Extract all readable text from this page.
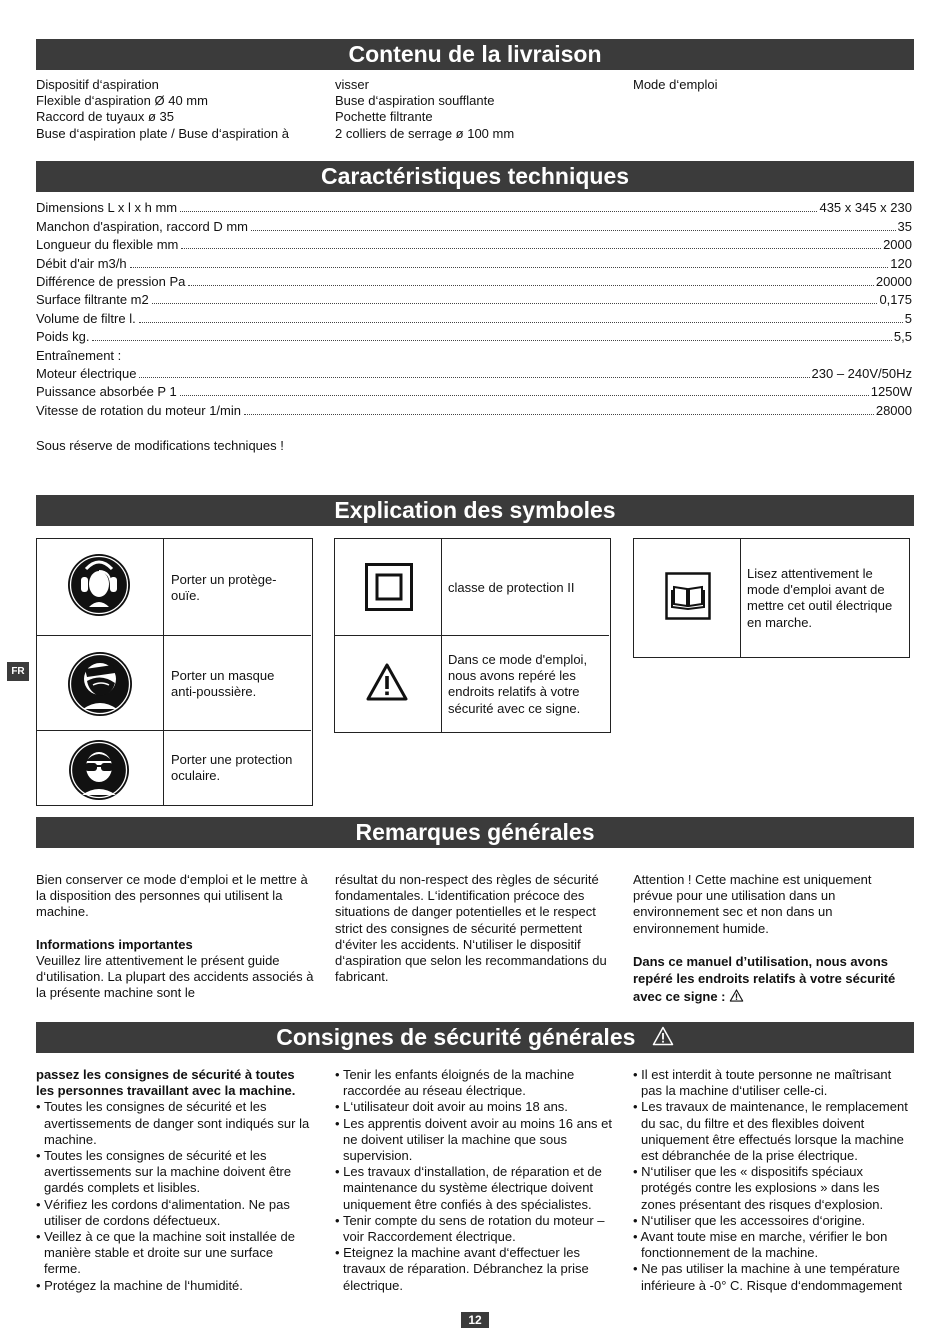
Contenu de la livraison
Dispositif d‘aspiration
Flexible d‘aspiration Ø 40 mm
Raccord de tuyaux ø 35
Buse d‘aspiration plate / Buse d‘aspiration à
visser
Buse d‘aspiration soufflante
Pochette filtrante
2 colliers de serrage ø 100 mm
Mode d‘emploi
Caractéristiques techniques
Dimensions L x l x h mm	435 x 345 x 230
Manchon d'aspiration, raccord D mm	35
Longueur du flexible mm	2000
Débit d'air m3/h	120
Différence de pression Pa	20000
Surface filtrante m2	0,175
Volume de filtre l.	5
Poids kg.	5,5
Entraînement :
Moteur électrique	230 – 240V/50Hz
Puissance absorbée P 1	1250W
Vitesse de rotation du moteur 1/min	28000
Sous réserve de modifications techniques !
Explication des symboles
Porter un protège-ouïe.
Porter un masque anti-poussière.
Porter une protection oculaire.
classe de protection II
Dans ce mode d'emploi, nous avons repéré les endroits relatifs à votre sécurité avec ce signe.
Lisez attentivement le mode d'emploi avant de mettre cet outil électrique en marche.
FR
Remarques générales
Bien conserver ce mode d‘emploi et le mettre à la disposition des personnes qui utilisent la machine.
Informations importantes
Veuillez lire attentivement le présent guide d‘utilisation. La plupart des accidents associés à la présente machine sont le
résultat du non-respect des règles de sécurité fondamentales. L‘identification précoce des situations de danger potentielles et le respect strict des consignes de sécurité permettent d‘éviter les accidents. N‘utiliser le dispositif d‘aspiration que selon les recommandations du fabricant.
Attention ! Cette machine est uniquement prévue pour une utilisation dans un environnement sec et non dans un environnement humide.
Dans ce manuel d’utilisation, nous avons repéré les endroits relatifs à votre sécurité avec ce signe :
Consignes de sécurité générales
passez les consignes de sécurité à toutes les personnes travaillant avec la machine.
• Toutes les consignes de sécurité et les avertissements de danger sont indiqués sur la machine.
• Toutes les consignes de sécurité et les avertissements sur la machine doivent être gardés complets et lisibles.
• Vérifiez les cordons d‘alimentation. Ne pas utiliser de cordons défectueux.
• Veillez à ce que la machine soit installée de manière stable et droite sur une surface ferme.
• Protégez la machine de l‘humidité.
• Tenir les enfants éloignés de la machine raccordée au réseau électrique.
• L‘utilisateur doit avoir au moins 18 ans.
• Les apprentis doivent avoir au moins 16 ans et ne doivent utiliser la machine que sous supervision.
• Les travaux d‘installation, de réparation et de maintenance du système électrique doivent uniquement être confiés à des spécialistes.
• Tenir compte du sens de rotation du moteur – voir Raccordement électrique.
• Eteignez la machine avant d‘effectuer les travaux de réparation. Débranchez la prise électrique.
• Il est interdit à toute personne ne maîtrisant pas la machine d‘utiliser celle-ci.
• Les travaux de maintenance, le remplacement du sac, du filtre et des flexibles doivent uniquement être effectués lorsque la machine est débranchée de la prise électrique.
• N‘utiliser que les « dispositifs spéciaux protégés contre les explosions » dans les zones présentant des risques d‘explosion.
• N‘utiliser que les accessoires d‘origine.
• Avant toute mise en marche, vérifier le bon fonctionnement de la machine.
• Ne pas utiliser la machine à une température inférieure à -0° C. Risque d‘endommagement
12
